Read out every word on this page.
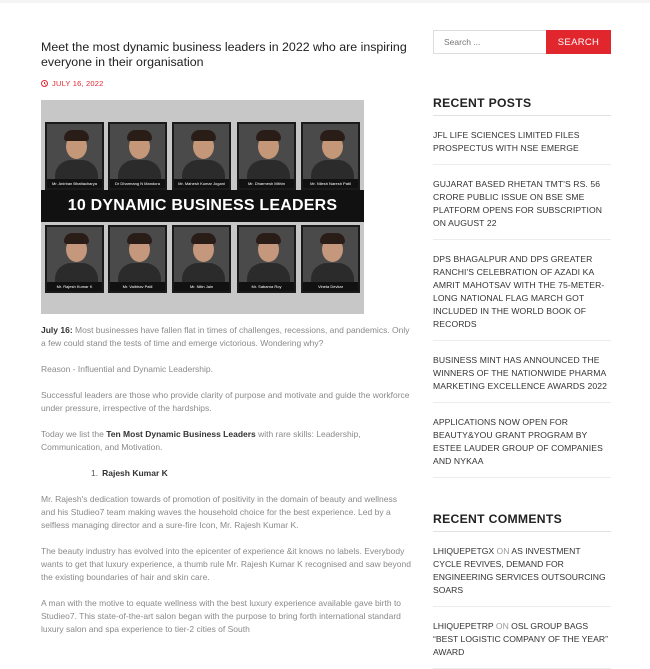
Meet the most dynamic business leaders in 2022 who are inspiring everyone in their organisation
JULY 16, 2022
Mr. Anirban Bhattacharya	Dr Dharmang N Mandora	Mr. Mahesh Kumar Jogani	Mr. Dharmesh Mithin	Mr. Nilesh Naresh Patil
10 DYNAMIC BUSINESS LEADERS
Mr. Rajesh Kumar K	Mr. Vaibhav Patil	Mr. Nitin Jain	Mr. Sabarna Roy	Vineta Devkar

July 16: Most businesses have fallen flat in times of challenges, recessions, and pandemics. Only a few could stand the tests of time and emerge victorious. Wondering why?

Reason - Influential and Dynamic Leadership.

Successful leaders are those who provide clarity of purpose and motivate and guide the workforce under pressure, irrespective of the hardships.

Today we list the Ten Most Dynamic Business Leaders with rare skills: Leadership, Communication, and Motivation.

1. Rajesh Kumar K

Mr. Rajesh's dedication towards of promotion of positivity in the domain of beauty and wellness and his Studieo7 team making waves the household choice for the best experience. Led by a selfless managing director and a sure-fire Icon, Mr. Rajesh Kumar K.

The beauty industry has evolved into the epicenter of experience &it knows no labels. Everybody wants to get that luxury experience, a thumb rule Mr. Rajesh Kumar K recognised and saw beyond the existing boundaries of hair and skin care.

A man with the motive to equate wellness with the best luxury experience available gave birth to Studieo7. This state-of-the-art salon began with the purpose to bring forth international standard luxury salon and spa experience to tier-2 cities of South

Search ...
SEARCH
RECENT POSTS
JFL LIFE SCIENCES LIMITED FILES PROSPECTUS WITH NSE EMERGE
GUJARAT BASED RHETAN TMT'S RS. 56 CRORE PUBLIC ISSUE ON BSE SME PLATFORM OPENS FOR SUBSCRIPTION ON AUGUST 22
DPS BHAGALPUR AND DPS GREATER RANCHI'S CELEBRATION OF AZADI KA AMRIT MAHOTSAV WITH THE 75-METER-LONG NATIONAL FLAG MARCH GOT INCLUDED IN THE WORLD BOOK OF RECORDS
BUSINESS MINT HAS ANNOUNCED THE WINNERS OF THE NATIONWIDE PHARMA MARKETING EXCELLENCE AWARDS 2022
APPLICATIONS NOW OPEN FOR BEAUTY&YOU GRANT PROGRAM BY ESTEE LAUDER GROUP OF COMPANIES AND NYKAA
RECENT COMMENTS
LHIQUEPETGX ON AS INVESTMENT CYCLE REVIVES, DEMAND FOR ENGINEERING SERVICES OUTSOURCING SOARS
LHIQUEPETRP ON OSL GROUP BAGS “BEST LOGISTIC COMPANY OF THE YEAR” AWARD
